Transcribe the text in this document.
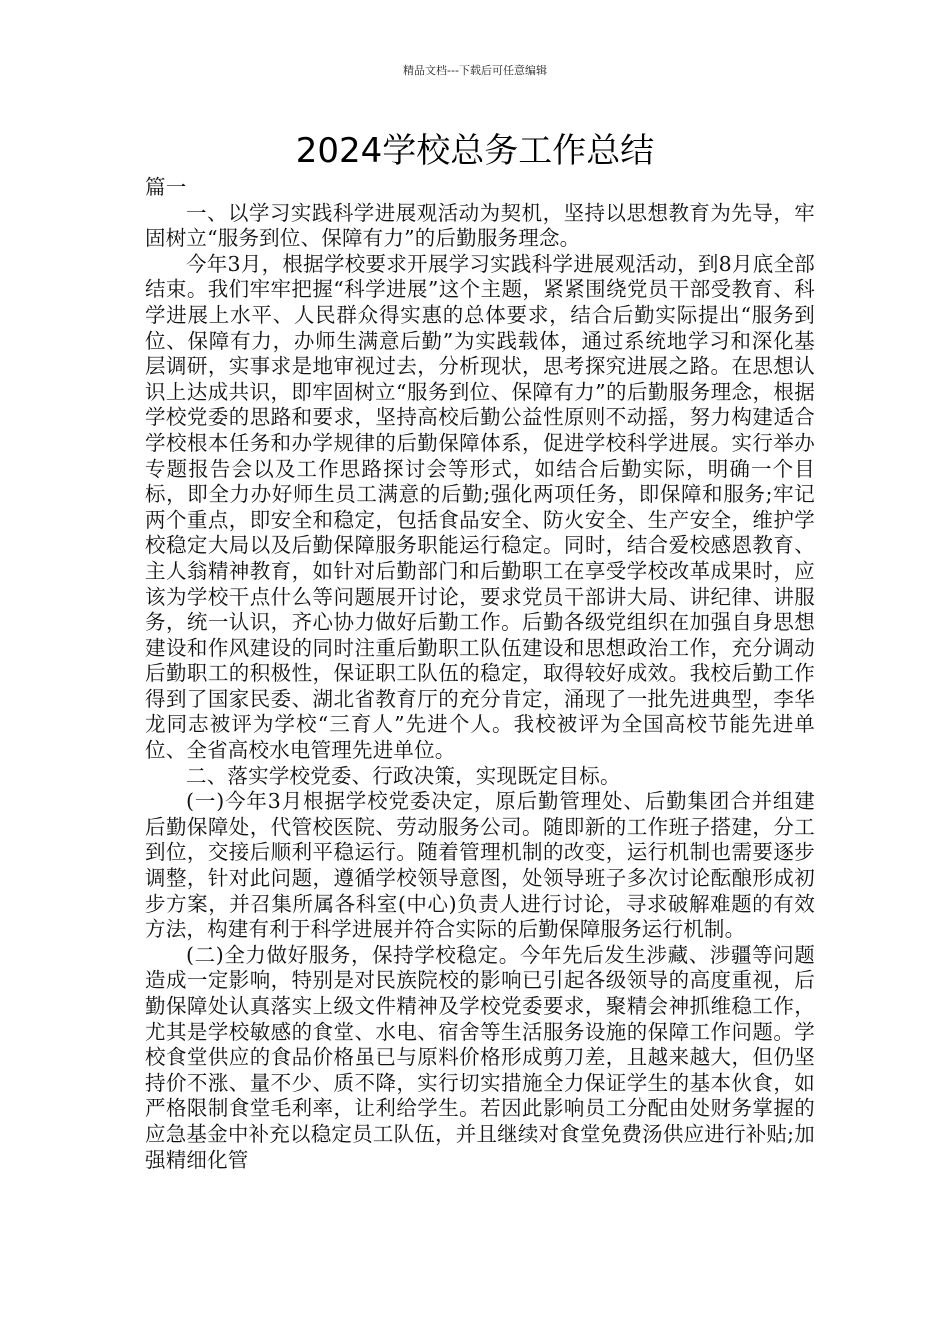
精品文档---下载后可任意编辑
2024学校总务工作总结

篇一

一、以学习实践科学进展观活动为契机，坚持以思想教育为先导，牢固树立“服务到位、保障有力”的后勤服务理念。

今年3月，根据学校要求开展学习实践科学进展观活动，到8月底全部结束。我们牢牢把握“科学进展”这个主题，紧紧围绕党员干部受教育、科学进展上水平、人民群众得实惠的总体要求，结合后勤实际提出“服务到位、保障有力，办师生满意后勤”为实践载体，通过系统地学习和深化基层调研，实事求是地审视过去，分析现状，思考探究进展之路。在思想认识上达成共识，即牢固树立“服务到位、保障有力”的后勤服务理念，根据学校党委的思路和要求，坚持高校后勤公益性原则不动摇，努力构建适合学校根本任务和办学规律的后勤保障体系，促进学校科学进展。实行举办专题报告会以及工作思路探讨会等形式，如结合后勤实际，明确一个目标，即全力办好师生员工满意的后勤;强化两项任务，即保障和服务;牢记两个重点，即安全和稳定，包括食品安全、防火安全、生产安全，维护学校稳定大局以及后勤保障服务职能运行稳定。同时，结合爱校感恩教育、主人翁精神教育，如针对后勤部门和后勤职工在享受学校改革成果时，应该为学校干点什么等问题展开讨论，要求党员干部讲大局、讲纪律、讲服务，统一认识，齐心协力做好后勤工作。后勤各级党组织在加强自身思想建设和作风建设的同时注重后勤职工队伍建设和思想政治工作，充分调动后勤职工的积极性，保证职工队伍的稳定，取得较好成效。我校后勤工作得到了国家民委、湖北省教育厅的充分肯定，涌现了一批先进典型，李华龙同志被评为学校“三育人”先进个人。我校被评为全国高校节能先进单位、全省高校水电管理先进单位。

二、落实学校党委、行政决策，实现既定目标。

(一)今年3月根据学校党委决定，原后勤管理处、后勤集团合并组建后勤保障处，代管校医院、劳动服务公司。随即新的工作班子搭建，分工到位，交接后顺利平稳运行。随着管理机制的改变，运行机制也需要逐步调整，针对此问题，遵循学校领导意图，处领导班子多次讨论酝酿形成初步方案，并召集所属各科室(中心)负责人进行讨论，寻求破解难题的有效方法，构建有利于科学进展并符合实际的后勤保障服务运行机制。

(二)全力做好服务，保持学校稳定。今年先后发生涉藏、涉疆等问题造成一定影响，特别是对民族院校的影响已引起各级领导的高度重视，后勤保障处认真落实上级文件精神及学校党委要求，聚精会神抓维稳工作，尤其是学校敏感的食堂、水电、宿舍等生活服务设施的保障工作问题。学校食堂供应的食品价格虽已与原料价格形成剪刀差，且越来越大，但仍坚持价不涨、量不少、质不降，实行切实措施全力保证学生的基本伙食，如严格限制食堂毛利率，让利给学生。若因此影响员工分配由处财务掌握的应急基金中补充以稳定员工队伍，并且继续对食堂免费汤供应进行补贴;加强精细化管
